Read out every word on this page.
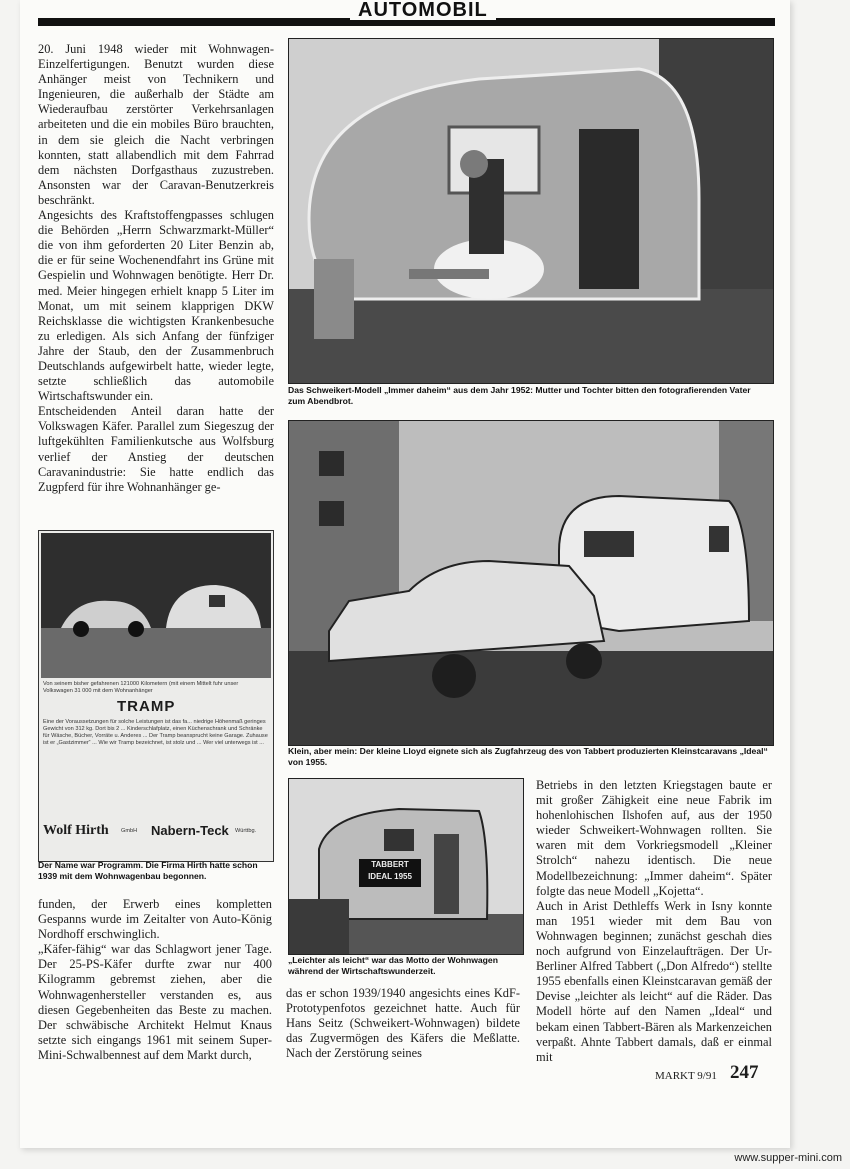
AUTOMOBIL

20. Juni 1948 wieder mit Wohnwagen-Einzelfertigungen. Benutzt wurden diese Anhänger meist von Technikern und Ingenieuren, die außerhalb der Städte am Wiederaufbau zerstörter Verkehrsanlagen arbeiteten und die ein mobiles Büro brauchten, in dem sie gleich die Nacht verbringen konnten, statt allabendlich mit dem Fahrrad dem nächsten Dorfgasthaus zuzustreben. Ansonsten war der Caravan-Benutzerkreis beschränkt.

Angesichts des Kraftstoffengpasses schlugen die Behörden „Herrn Schwarzmarkt-Müller“ die von ihm geforderten 20 Liter Benzin ab, die er für seine Wochenendfahrt ins Grüne mit Gespielin und Wohnwagen benötigte. Herr Dr. med. Meier hingegen erhielt knapp 5 Liter im Monat, um mit seinem klapprigen DKW Reichsklasse die wichtigsten Krankenbesuche zu erledigen. Als sich Anfang der fünfziger Jahre der Staub, den der Zusammenbruch Deutschlands aufgewirbelt hatte, wieder legte, setzte schließlich das automobile Wirtschaftswunder ein.

Entscheidenden Anteil daran hatte der Volkswagen Käfer. Parallel zum Siegeszug der luftgekühlten Familienkutsche aus Wolfsburg verlief der Anstieg der deutschen Caravanindustrie: Sie hatte endlich das Zugpferd für ihre Wohnanhänger ge-

Das Schweikert-Modell „Immer daheim“ aus dem Jahr 1952: Mutter und Tochter bitten den fotografierenden Vater zum Abendbrot.
Klein, aber mein: Der kleine Lloyd eignete sich als Zugfahrzeug des von Tabbert produzierten Kleinstcaravans „Ideal“ von 1955.
Von seinem bisher gefahrenen 121000 Kilometern (mit einem Mittelt fuhr unser Volkswagen 31 000 mit dem Wohnanhänger
TRAMP
Eine der Voraussetzungen für solche Leistungen ist das fa... niedrige Höhenmaß geringes Gewicht von 312 kg. Dort bis 2 ... Kinderschlafplatz, einen Küchenschrank und Schränke für Wäsche, Bücher, Vorräte u. Anderes ... Der Tramp beansprucht keine Garage. Zuhause ist er „Gastzimmer“ ... Wie wir Tramp bezeichnet, ist stolz und ... Wer viel unterwegs ist ...
Wolf Hirth GmbH Nabern-Teck Württbg.
Der Name war Programm. Die Firma Hirth hatte schon 1939 mit dem Wohnwagenbau begonnen.
TABBERT
IDEAL 1955
„Leichter als leicht“ war das Motto der Wohnwagen während der Wirtschaftswunderzeit.

funden, der Erwerb eines kompletten Gespanns wurde im Zeitalter von Auto-König Nordhoff erschwinglich.

„Käfer-fähig“ war das Schlagwort jener Tage. Der 25-PS-Käfer durfte zwar nur 400 Kilogramm gebremst ziehen, aber die Wohnwagenhersteller verstanden es, aus diesen Gegebenheiten das Beste zu machen. Der schwäbische Architekt Helmut Knaus setzte sich eingangs 1961 mit seinem Super-Mini-Schwalbennest auf dem Markt durch,

das er schon 1939/1940 angesichts eines KdF-Prototypenfotos gezeichnet hatte. Auch für Hans Seitz (Schweikert-Wohnwagen) bildete das Zugvermögen des Käfers die Meßlatte. Nach der Zerstörung seines

Betriebs in den letzten Kriegstagen baute er mit großer Zähigkeit eine neue Fabrik im hohenlohischen Ilshofen auf, aus der 1950 wieder Schweikert-Wohnwagen rollten. Sie waren mit dem Vorkriegsmodell „Kleiner Strolch“ nahezu identisch. Die neue Modellbezeichnung: „Immer daheim“. Später folgte das neue Modell „Kojetta“.

Auch in Arist Dethleffs Werk in Isny konnte man 1951 wieder mit dem Bau von Wohnwagen beginnen; zunächst geschah dies noch aufgrund von Einzelaufträgen. Der Ur-Berliner Alfred Tabbert („Don Alfredo“) stellte 1955 ebenfalls einen Kleinstcaravan gemäß der Devise „leichter als leicht“ auf die Räder. Das Modell hörte auf den Namen „Ideal“ und bekam einen Tabbert-Bären als Markenzeichen verpaßt. Ahnte Tabbert damals, daß er einmal mit

MARKT 9/91 247
www.supper-mini.com
